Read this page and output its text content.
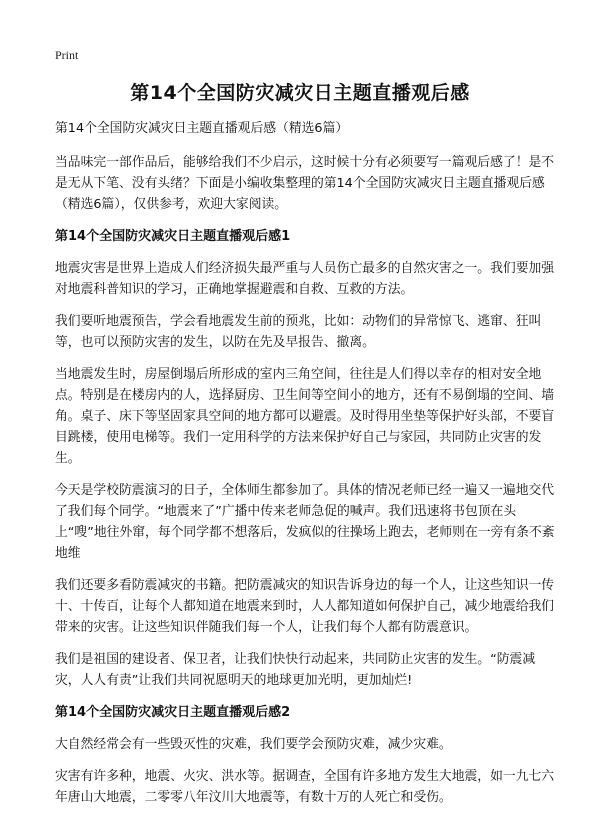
Print
第14个全国防灾减灾日主题直播观后感

第14个全国防灾减灾日主题直播观后感（精选6篇）

当品味完一部作品后，能够给我们不少启示，这时候十分有必须要写一篇观后感了！是不是无从下笔、没有头绪？下面是小编收集整理的第14个全国防灾减灾日主题直播观后感（精选6篇），仅供参考，欢迎大家阅读。

第14个全国防灾减灾日主题直播观后感1

地震灾害是世界上造成人们经济损失最严重与人员伤亡最多的自然灾害之一。我们要加强对地震科普知识的学习，正确地掌握避震和自救、互救的方法。

我们要听地震预告，学会看地震发生前的预兆，比如：动物们的异常惊飞、逃窜、狂叫等，也可以预防灾害的发生，以防在先及早报告、撤离。

当地震发生时，房屋倒塌后所形成的室内三角空间，往往是人们得以幸存的相对安全地点。特别是在楼房内的人，选择厨房、卫生间等空间小的地方，还有不易倒塌的空间、墙角。桌子、床下等坚固家具空间的地方都可以避震。及时得用坐垫等保护好头部，不要盲目跳楼，使用电梯等。我们一定用科学的方法来保护好自己与家园，共同防止灾害的发生。

今天是学校防震演习的日子，全体师生都参加了。具体的情况老师已经一遍又一遍地交代了我们每个同学。“地震来了”广播中传来老师急促的喊声。我们迅速将书包顶在头上“嗖”地往外窜，每个同学都不想落后，发疯似的往操场上跑去，老师则在一旁有条不紊地维

我们还要多看防震减灾的书籍。把防震减灾的知识告诉身边的每一个人，让这些知识一传十、十传百，让每个人都知道在地震来到时，人人都知道如何保护自己，减少地震给我们带来的灾害。让这些知识伴随我们每一个人，让我们每个人都有防震意识。

我们是祖国的建设者、保卫者，让我们快快行动起来，共同防止灾害的发生。“防震减灾，人人有责”让我们共同祝愿明天的地球更加光明，更加灿烂!

第14个全国防灾减灾日主题直播观后感2

大自然经常会有一些毁灭性的灾难，我们要学会预防灾难，减少灾难。

灾害有许多种，地震、火灾、洪水等。据调查，全国有许多地方发生大地震，如一九七六年唐山大地震，二零零八年汶川大地震等，有数十万的人死亡和受伤。
